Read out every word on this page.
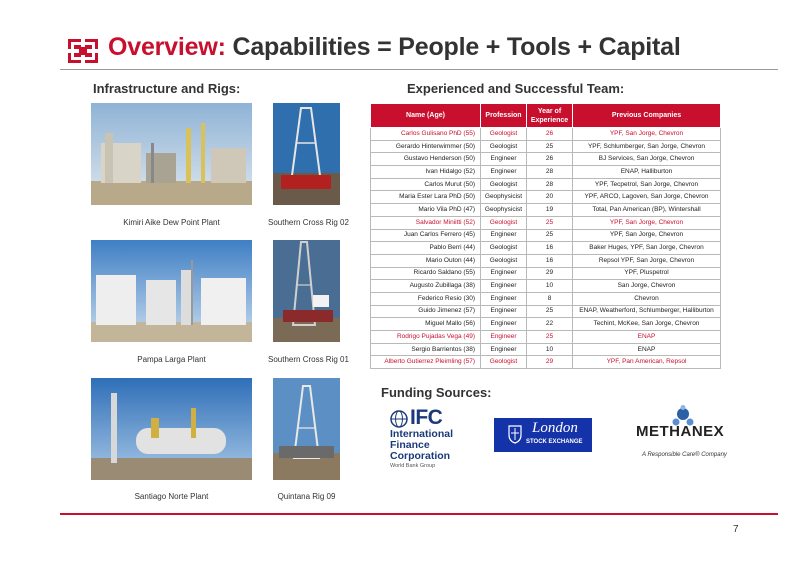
Overview: Capabilities = People + Tools + Capital
Infrastructure and Rigs:	Experienced and Successful Team:
Kimiri Aike Dew Point Plant	Southern Cross Rig 02
Pampa Larga Plant	Southern Cross Rig 01
Santiago Norte Plant	Quintana Rig 09
Name (Age)	Profession	Year of Experience	Previous Companies
Carlos Gulisano PhD (55)	Geologist	26	YPF, San Jorge, Chevron
Gerardo Hinterwimmer (50)	Geologist	25	YPF, Schlumberger, San Jorge, Chevron
Gustavo Henderson (50)	Engineer	26	BJ Services, San Jorge, Chevron
Ivan Hidalgo (52)	Engineer	28	ENAP, Halliburton
Carlos Murut (50)	Geologist	28	YPF, Tecpetrol, San Jorge, Chevron
Maria Ester Lara PhD (50)	Geophysicist	20	YPF, ARCO, Lagoven, San Jorge, Chevron
Mario Vila PhD (47)	Geophysicist	19	Total, Pan American (BP), Wintershall
Salvador Miniitti (52)	Geologist	25	YPF, San Jorge, Chevron
Juan Carlos Ferrero (45)	Engineer	25	YPF, San Jorge, Chevron
Pablo Berri (44)	Geologist	16	Baker Huges, YPF, San Jorge, Chevron
Mario Outon (44)	Geologist	16	Repsol YPF, San Jorge, Chevron
Ricardo Saldano (55)	Engineer	29	YPF, Pluspetrol
Augusto Zubillaga (38)	Engineer	10	San Jorge, Chevron
Federico Resio (30)	Engineer	8	Chevron
Guido Jimenez (57)	Engineer	25	ENAP, Weatherford, Schlumberger, Halliburton
Miguel Mallo (56)	Engineer	22	Techint, McKee, San Jorge, Chevron
Rodrigo Pujadas Vega (49)	Engineer	25	ENAP
Sergio Barrientos (38)	Engineer	10	ENAP
Alberto Gutierrez Pleimling (57)	Geologist	29	YPF, Pan American, Repsol
Funding Sources:
IFC
International
Finance
Corporation
World Bank Group
London
STOCK EXCHANGE
METHANEX
A Responsible Care® Company
7
